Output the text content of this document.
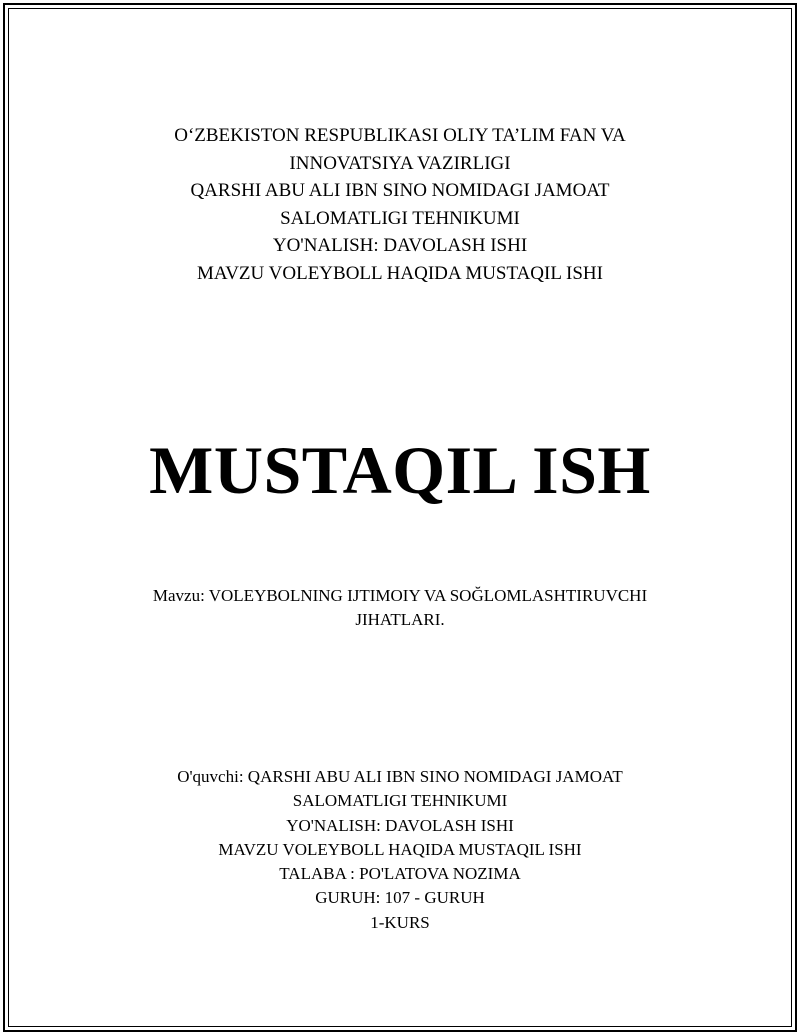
O‘ZBEKISTON RESPUBLIKASI OLIY TA’LIM FAN VA
INNOVATSIYA VAZIRLIGI
QARSHI ABU ALI IBN SINO NOMIDAGI JAMOAT
SALOMATLIGI TEHNIKUMI
YO'NALISH: DAVOLASH ISHI
MAVZU VOLEYBOLL HAQIDA MUSTAQIL ISHI
MUSTAQIL ISH
Mavzu: VOLEYBOLNING IJTIMOIY VA SOĞLOMLASHTIRUVCHI
JIHATLARI.
O'quvchi: QARSHI ABU ALI IBN SINO NOMIDAGI JAMOAT
SALOMATLIGI TEHNIKUMI
YO'NALISH: DAVOLASH ISHI
MAVZU VOLEYBOLL HAQIDA MUSTAQIL ISHI
TALABA : PO'LATOVA NOZIMA
GURUH: 107 - GURUH
1-KURS
